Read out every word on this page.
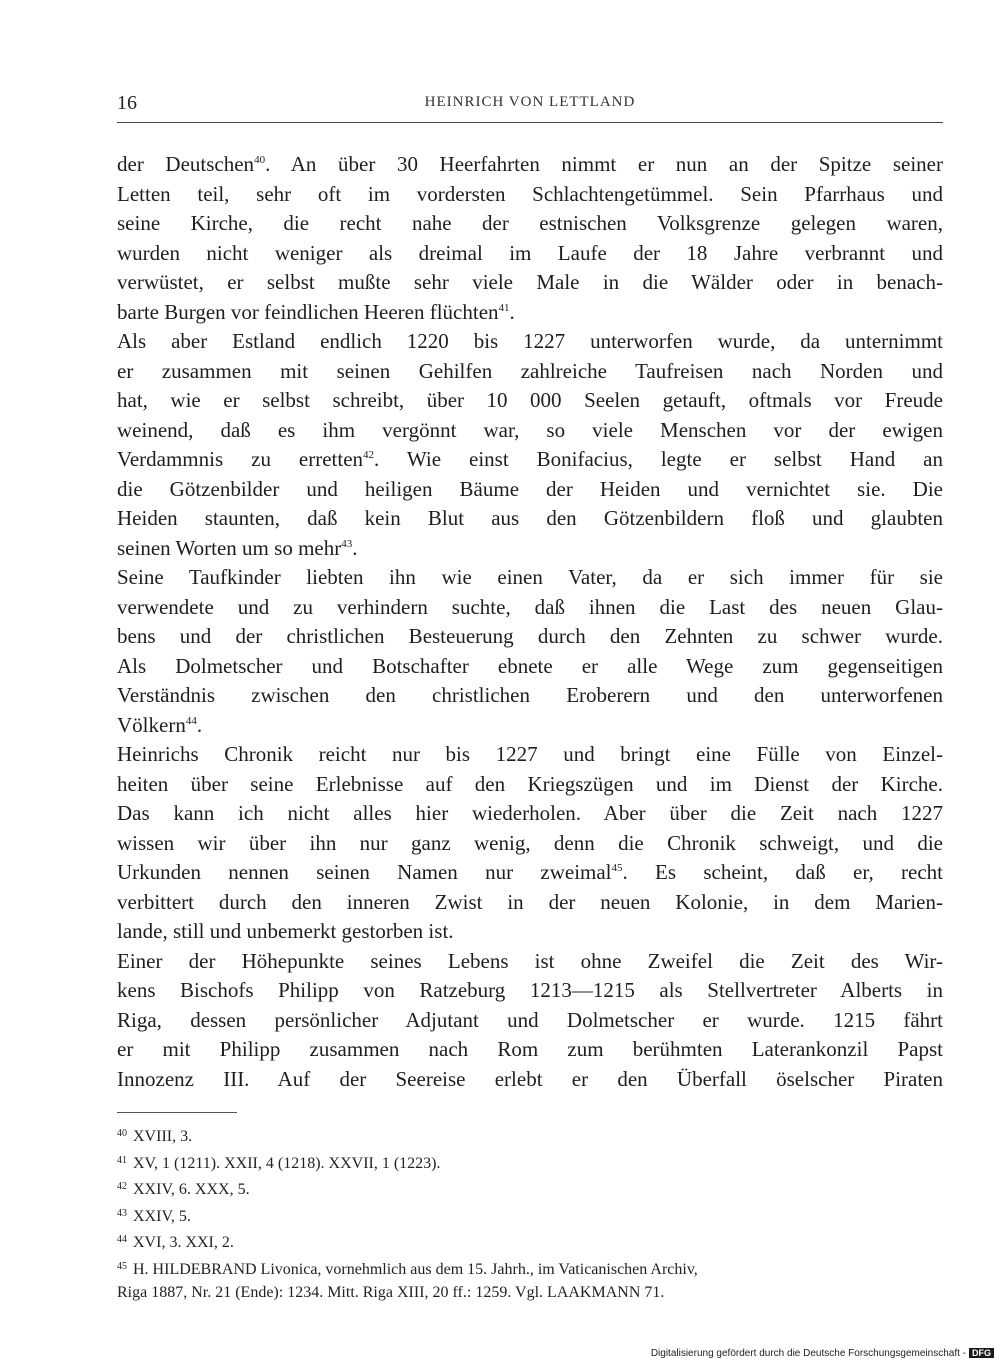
16	HEINRICH VON LETTLAND
der Deutschen$^{40}$. An über 30 Heerfahrten nimmt er nun an der Spitze seiner
Letten teil, sehr oft im vordersten Schlachtengetümmel. Sein Pfarrhaus und
seine Kirche, die recht nahe der estnischen Volksgrenze gelegen waren,
wurden nicht weniger als dreimal im Laufe der 18 Jahre verbrannt und
verwüstet, er selbst mußte sehr viele Male in die Wälder oder in benach-
barte Burgen vor feindlichen Heeren flüchten$^{41}$.
Als aber Estland endlich 1220 bis 1227 unterworfen wurde, da unternimmt
er zusammen mit seinen Gehilfen zahlreiche Taufreisen nach Norden und
hat, wie er selbst schreibt, über 10 000 Seelen getauft, oftmals vor Freude
weinend, daß es ihm vergönnt war, so viele Menschen vor der ewigen
Verdammnis zu erretten$^{42}$. Wie einst Bonifacius, legte er selbst Hand an
die Götzenbilder und heiligen Bäume der Heiden und vernichtet sie. Die
Heiden staunten, daß kein Blut aus den Götzenbildern floß und glaubten
seinen Worten um so mehr$^{43}$.
Seine Taufkinder liebten ihn wie einen Vater, da er sich immer für sie
verwendete und zu verhindern suchte, daß ihnen die Last des neuen Glau-
bens und der christlichen Besteuerung durch den Zehnten zu schwer wurde.
Als Dolmetscher und Botschafter ebnete er alle Wege zum gegenseitigen
Verständnis zwischen den christlichen Eroberern und den unterworfenen
Völkern$^{44}$.
Heinrichs Chronik reicht nur bis 1227 und bringt eine Fülle von Einzel-
heiten über seine Erlebnisse auf den Kriegszügen und im Dienst der Kirche.
Das kann ich nicht alles hier wiederholen. Aber über die Zeit nach 1227
wissen wir über ihn nur ganz wenig, denn die Chronik schweigt, und die
Urkunden nennen seinen Namen nur zweimal$^{45}$. Es scheint, daß er, recht
verbittert durch den inneren Zwist in der neuen Kolonie, in dem Marien-
lande, still und unbemerkt gestorben ist.
Einer der Höhepunkte seines Lebens ist ohne Zweifel die Zeit des Wir-
kens Bischofs Philipp von Ratzeburg 1213—1215 als Stellvertreter Alberts in
Riga, dessen persönlicher Adjutant und Dolmetscher er wurde. 1215 fährt
er mit Philipp zusammen nach Rom zum berühmten Laterankonzil Papst
Innozenz III. Auf der Seereise erlebt er den Überfall öselscher Piraten
$^{40}$ XVIII, 3.
$^{41}$ XV, 1 (1211). XXII, 4 (1218). XXVII, 1 (1223).
$^{42}$ XXIV, 6. XXX, 5.
$^{43}$ XXIV, 5.
$^{44}$ XVI, 3. XXI, 2.
$^{45}$ H. HILDEBRAND Livonica, vornehmlich aus dem 15. Jahrh., im Vaticanischen Archiv,
Riga 1887, Nr. 21 (Ende): 1234. Mitt. Riga XIII, 20 ff.: 1259. Vgl. LAAKMANN 71.
Digitalisierung gefördert durch die Deutsche Forschungsgemeinschaft - DFG
